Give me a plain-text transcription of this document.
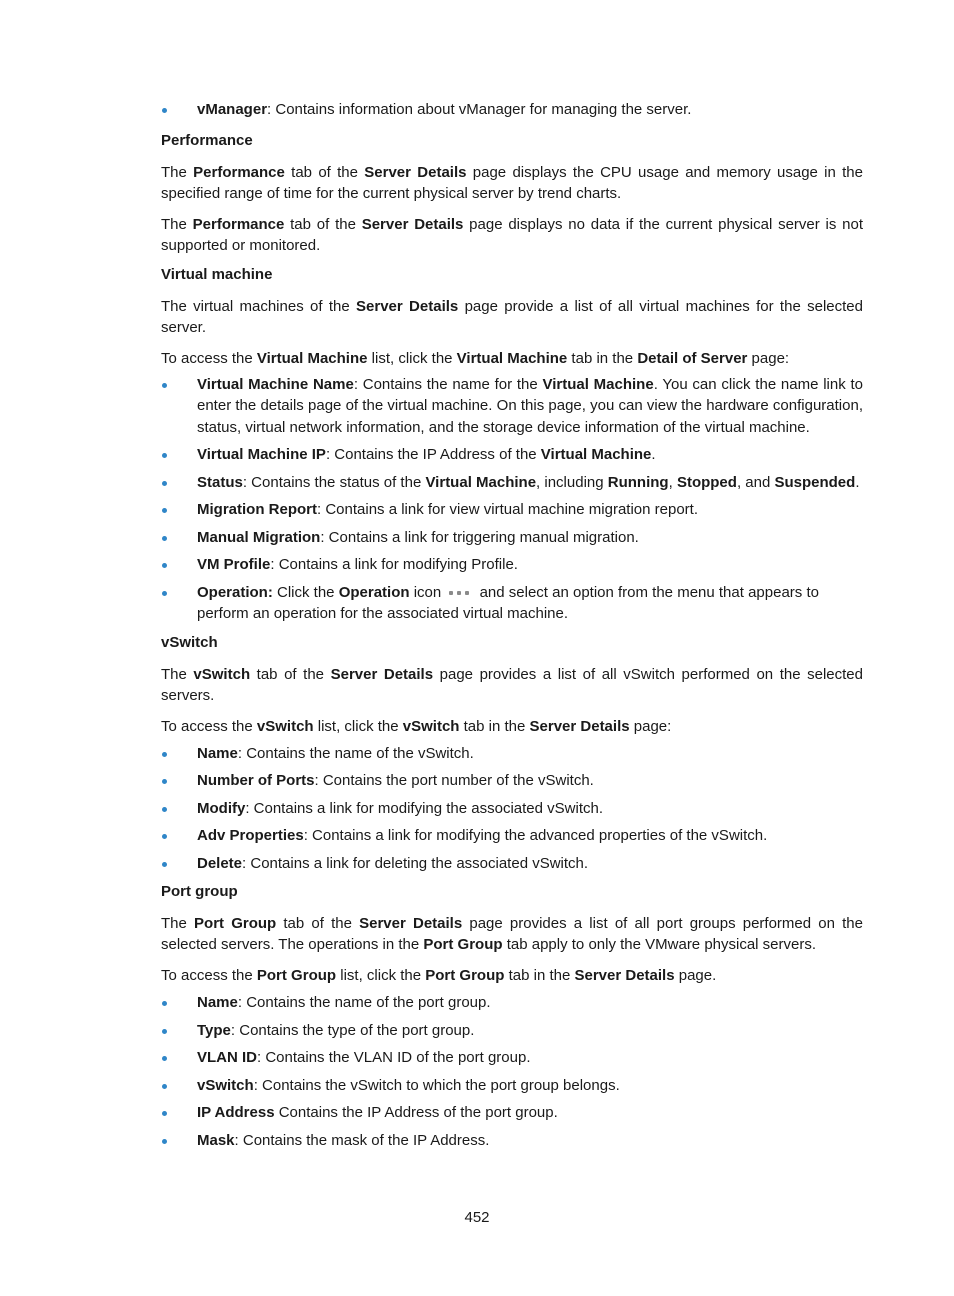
vManager: Contains information about vManager for managing the server.

Performance

The Performance tab of the Server Details page displays the CPU usage and memory usage in the specified range of time for the current physical server by trend charts.

The Performance tab of the Server Details page displays no data if the current physical server is not supported or monitored.

Virtual machine

The virtual machines of the Server Details page provide a list of all virtual machines for the selected server.

To access the Virtual Machine list, click the Virtual Machine tab in the Detail of Server page:

Virtual Machine Name: Contains the name for the Virtual Machine. You can click the name link to enter the details page of the virtual machine. On this page, you can view the hardware configuration, status, virtual network information, and the storage device information of the virtual machine.
Virtual Machine IP: Contains the IP Address of the Virtual Machine.
Status: Contains the status of the Virtual Machine, including Running, Stopped, and Suspended.
Migration Report: Contains a link for view virtual machine migration report.
Manual Migration: Contains a link for triggering manual migration.
VM Profile: Contains a link for modifying Profile.
Operation: Click the Operation icon
and select an option from the menu that appears to perform an operation for the associated virtual machine.

vSwitch

The vSwitch tab of the Server Details page provides a list of all vSwitch performed on the selected servers.

To access the vSwitch list, click the vSwitch tab in the Server Details page:

Name: Contains the name of the vSwitch.
Number of Ports: Contains the port number of the vSwitch.
Modify: Contains a link for modifying the associated vSwitch.
Adv Properties: Contains a link for modifying the advanced properties of the vSwitch.
Delete: Contains a link for deleting the associated vSwitch.

Port group

The Port Group tab of the Server Details page provides a list of all port groups performed on the selected servers. The operations in the Port Group tab apply to only the VMware physical servers.

To access the Port Group list, click the Port Group tab in the Server Details page.

Name: Contains the name of the port group.
Type: Contains the type of the port group.
VLAN ID: Contains the VLAN ID of the port group.
vSwitch: Contains the vSwitch to which the port group belongs.
IP Address Contains the IP Address of the port group.
Mask: Contains the mask of the IP Address.
452
